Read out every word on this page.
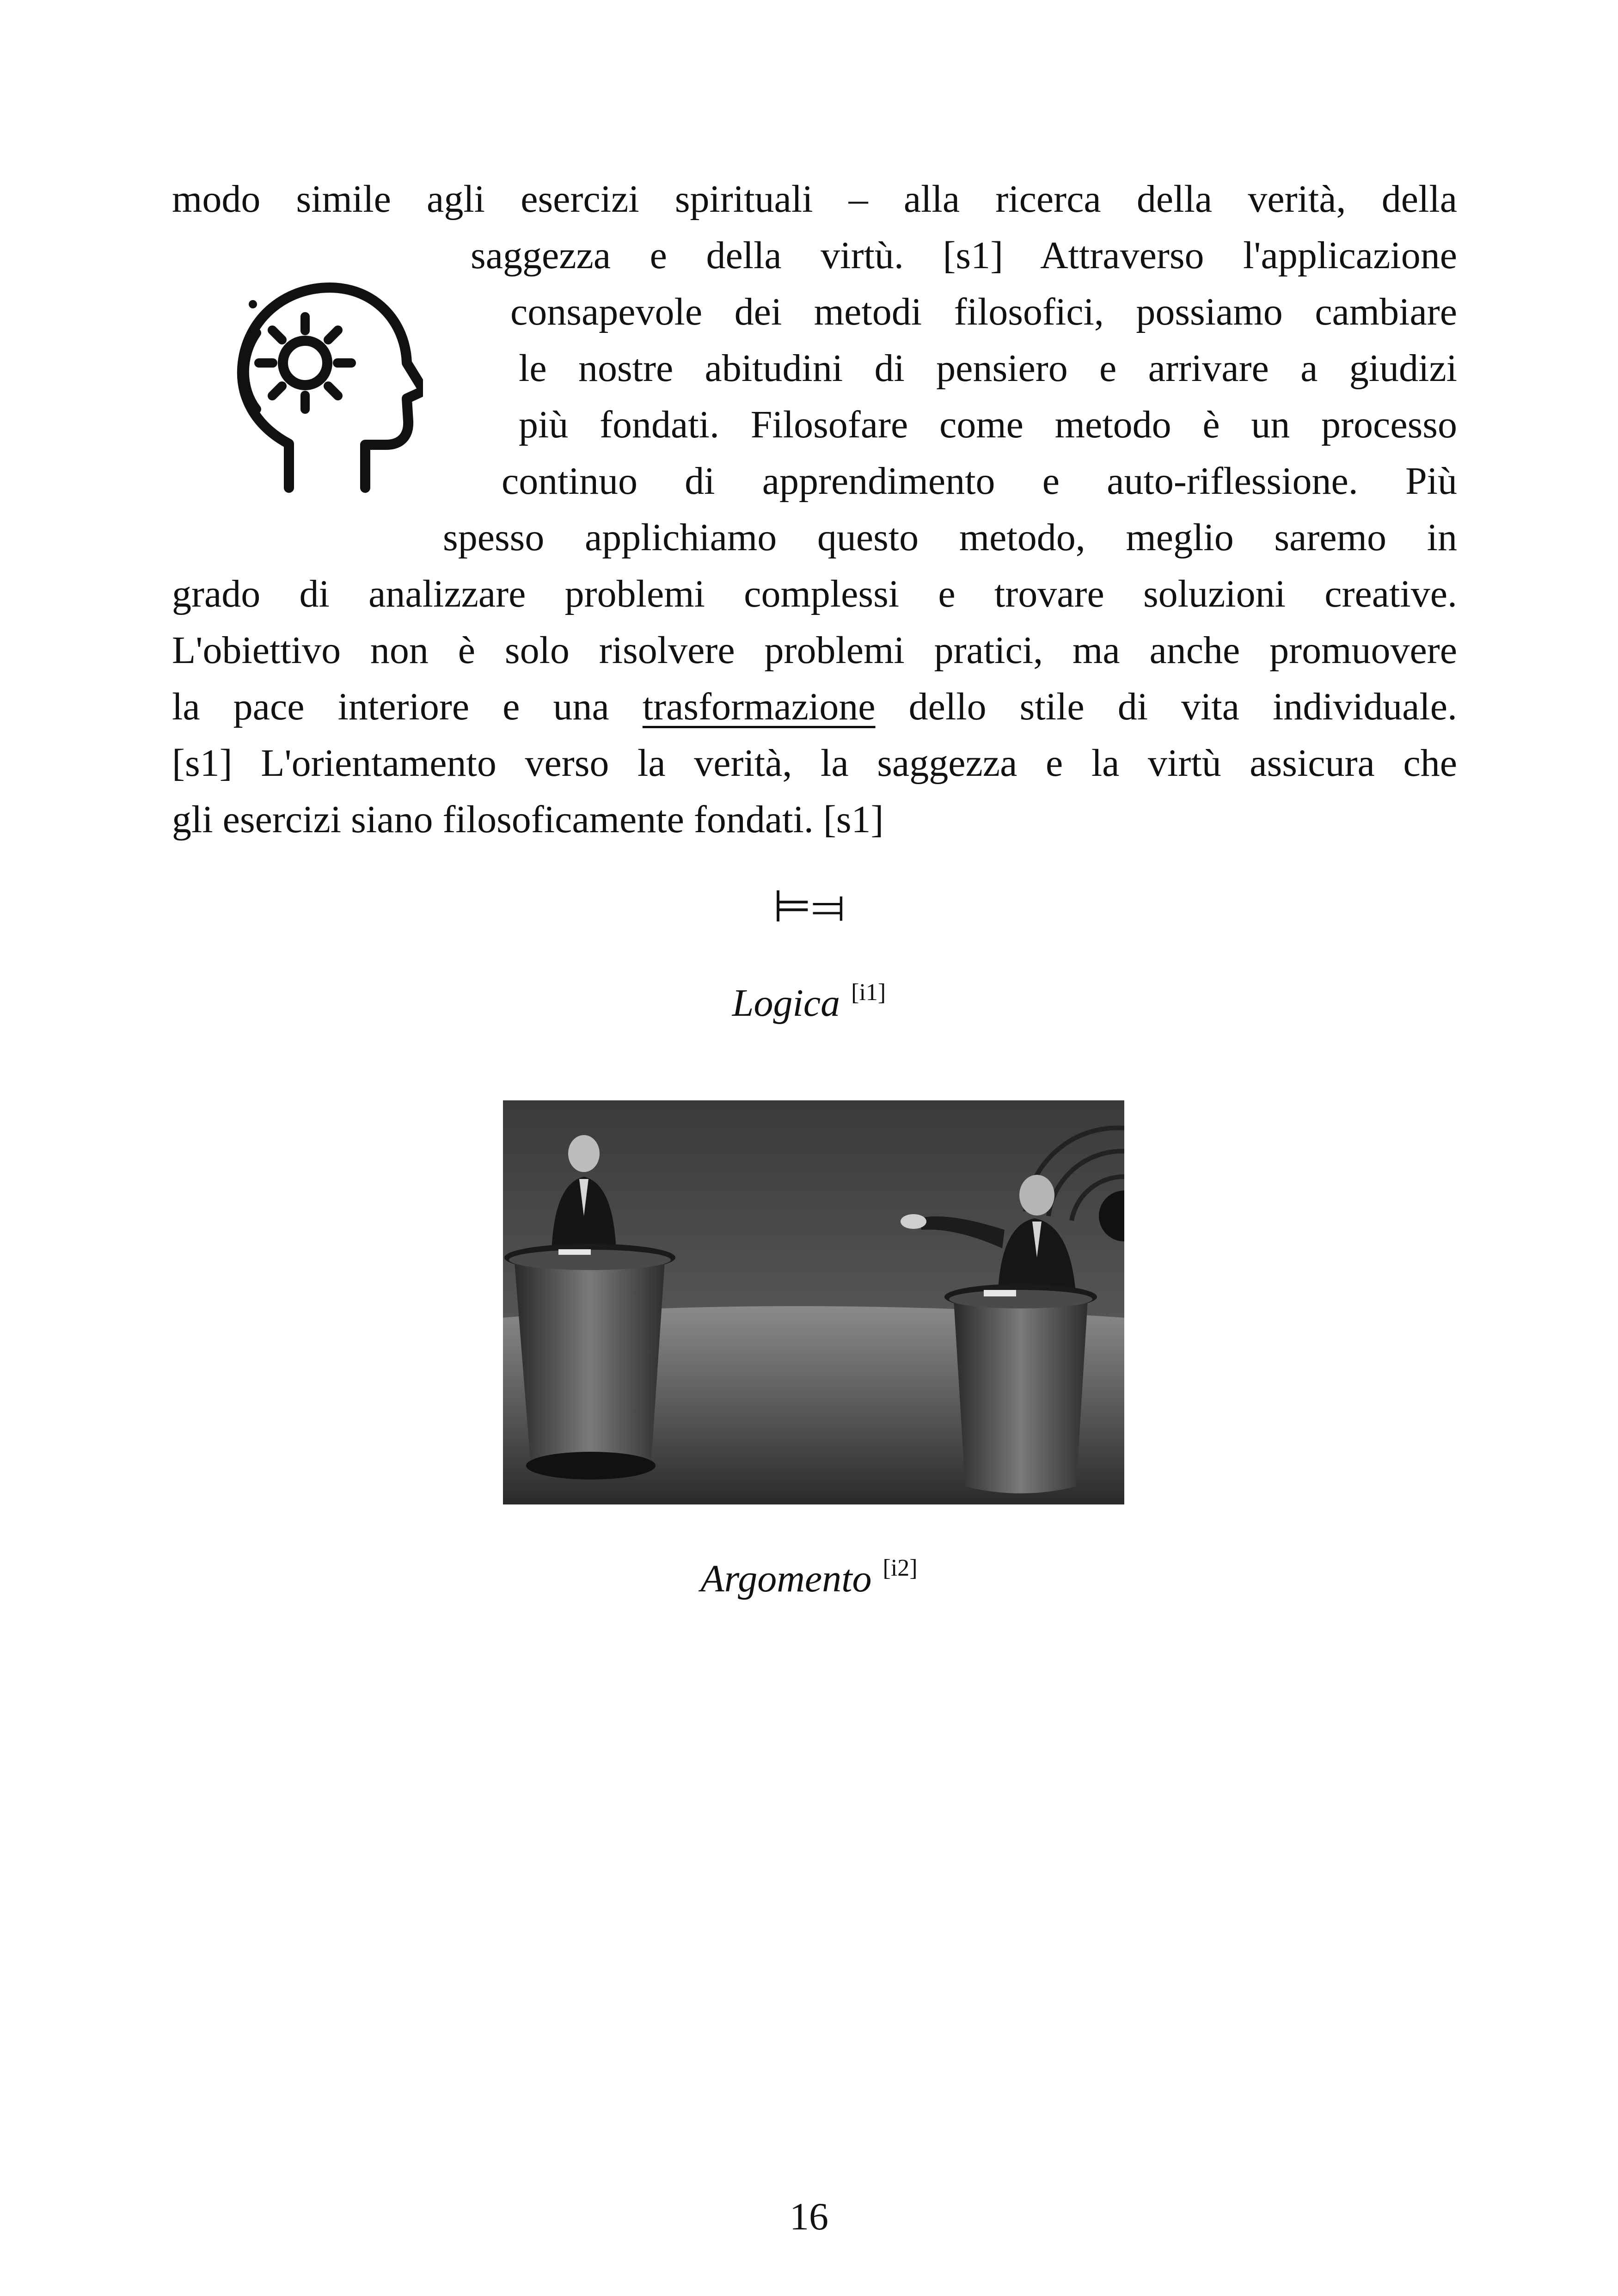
modo simile agli esercizi spirituali – alla ricerca della verità, della
saggezza e della virtù. [s1] Attraverso l'applicazione
consapevole dei metodi filosofici, possiamo cambiare
le nostre abitudini di pensiero e arrivare a giudizi
più fondati. Filosofare come metodo è un processo
continuo di apprendimento e auto-riflessione. Più
spesso applichiamo questo metodo, meglio saremo in
grado di analizzare problemi complessi e trovare soluzioni creative.
L'obiettivo non è solo risolvere problemi pratici, ma anche promuovere
la pace interiore e una trasformazione dello stile di vita individuale.
[s1] L'orientamento verso la verità, la saggezza e la virtù assicura che
gli esercizi siano filosoficamente fondati. [s1]
⊨⫤
Logica [i1]
Argomento [i2]
16
